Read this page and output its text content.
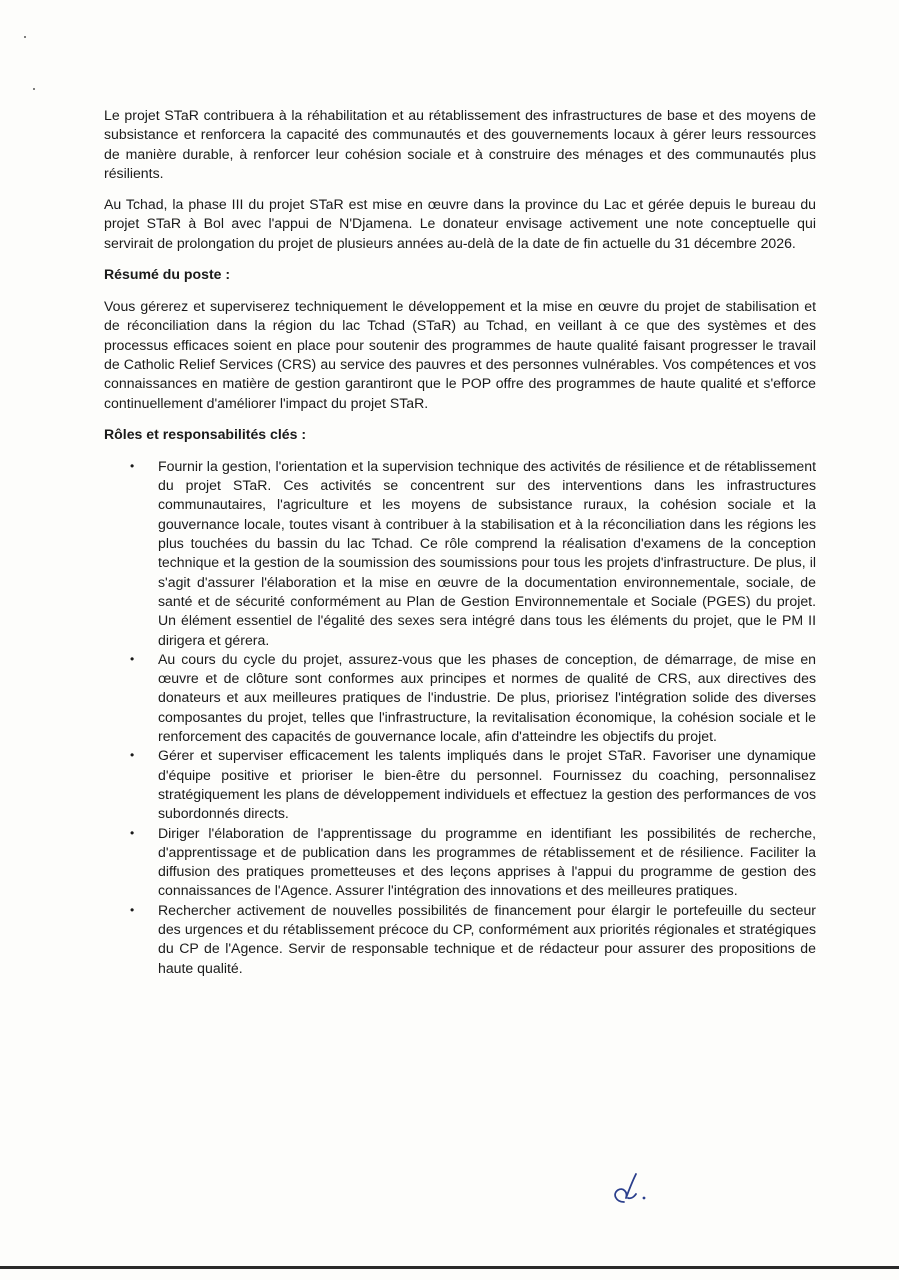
Le projet STaR contribuera à la réhabilitation et au rétablissement des infrastructures de base et des moyens de subsistance et renforcera la capacité des communautés et des gouvernements locaux à gérer leurs ressources de manière durable, à renforcer leur cohésion sociale et à construire des ménages et des communautés plus résilients.

Au Tchad, la phase III du projet STaR est mise en œuvre dans la province du Lac et gérée depuis le bureau du projet STaR à Bol avec l'appui de N'Djamena. Le donateur envisage activement une note conceptuelle qui servirait de prolongation du projet de plusieurs années au-delà de la date de fin actuelle du 31 décembre 2026.

Résumé du poste :

Vous gérerez et superviserez techniquement le développement et la mise en œuvre du projet de stabilisation et de réconciliation dans la région du lac Tchad (STaR) au Tchad, en veillant à ce que des systèmes et des processus efficaces soient en place pour soutenir des programmes de haute qualité faisant progresser le travail de Catholic Relief Services (CRS) au service des pauvres et des personnes vulnérables. Vos compétences et vos connaissances en matière de gestion garantiront que le POP offre des programmes de haute qualité et s'efforce continuellement d'améliorer l'impact du projet STaR.

Rôles et responsabilités clés :
• Fournir la gestion, l'orientation et la supervision technique des activités de résilience et de rétablissement du projet STaR. Ces activités se concentrent sur des interventions dans les infrastructures communautaires, l'agriculture et les moyens de subsistance ruraux, la cohésion sociale et la gouvernance locale, toutes visant à contribuer à la stabilisation et à la réconciliation dans les régions les plus touchées du bassin du lac Tchad. Ce rôle comprend la réalisation d'examens de la conception technique et la gestion de la soumission des soumissions pour tous les projets d'infrastructure. De plus, il s'agit d'assurer l'élaboration et la mise en œuvre de la documentation environnementale, sociale, de santé et de sécurité conformément au Plan de Gestion Environnementale et Sociale (PGES) du projet. Un élément essentiel de l'égalité des sexes sera intégré dans tous les éléments du projet, que le PM II dirigera et gérera.
• Au cours du cycle du projet, assurez-vous que les phases de conception, de démarrage, de mise en œuvre et de clôture sont conformes aux principes et normes de qualité de CRS, aux directives des donateurs et aux meilleures pratiques de l'industrie. De plus, priorisez l'intégration solide des diverses composantes du projet, telles que l'infrastructure, la revitalisation économique, la cohésion sociale et le renforcement des capacités de gouvernance locale, afin d'atteindre les objectifs du projet.
• Gérer et superviser efficacement les talents impliqués dans le projet STaR. Favoriser une dynamique d'équipe positive et prioriser le bien-être du personnel. Fournissez du coaching, personnalisez stratégiquement les plans de développement individuels et effectuez la gestion des performances de vos subordonnés directs.
• Diriger l'élaboration de l'apprentissage du programme en identifiant les possibilités de recherche, d'apprentissage et de publication dans les programmes de rétablissement et de résilience. Faciliter la diffusion des pratiques prometteuses et des leçons apprises à l'appui du programme de gestion des connaissances de l'Agence. Assurer l'intégration des innovations et des meilleures pratiques.
• Rechercher activement de nouvelles possibilités de financement pour élargir le portefeuille du secteur des urgences et du rétablissement précoce du CP, conformément aux priorités régionales et stratégiques du CP de l'Agence. Servir de responsable technique et de rédacteur pour assurer des propositions de haute qualité.
